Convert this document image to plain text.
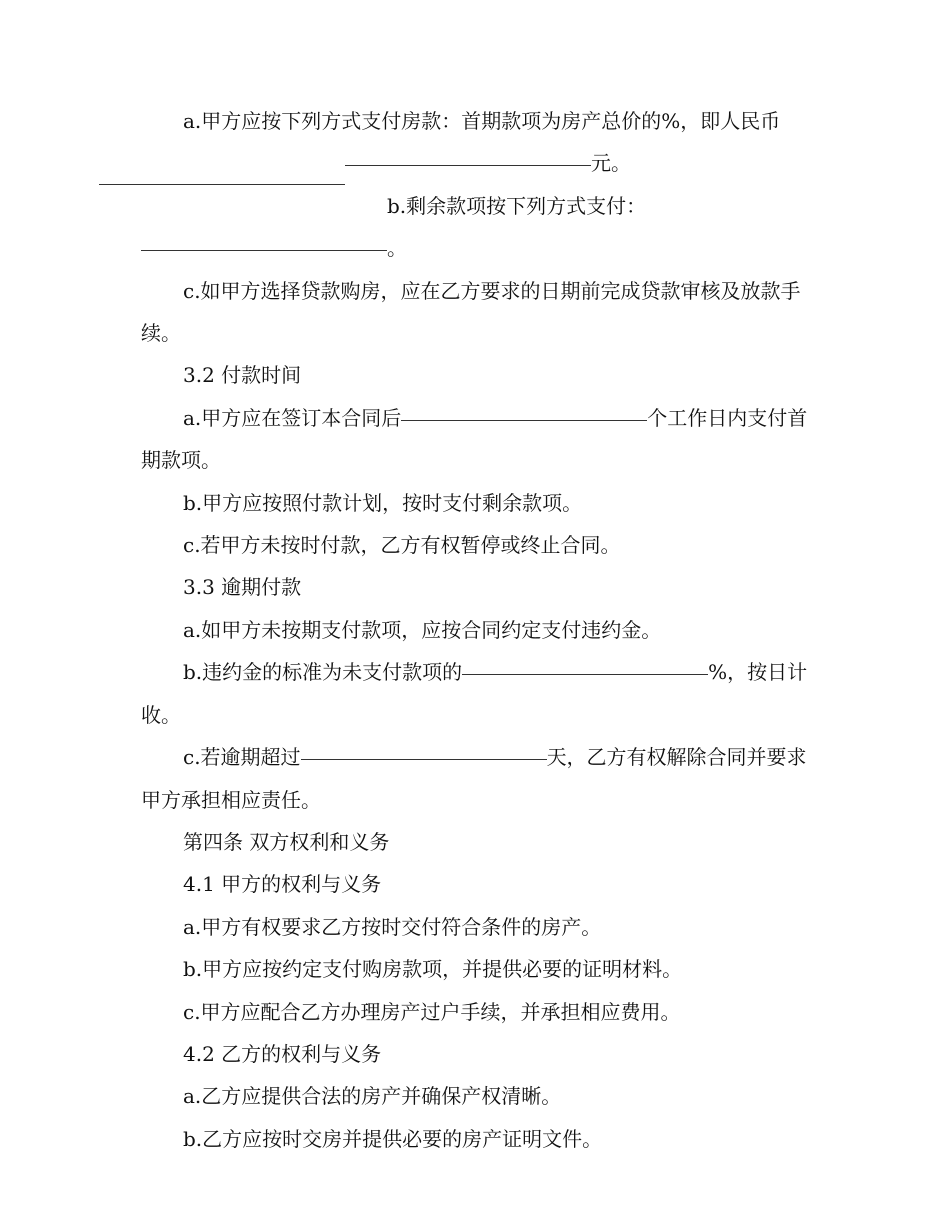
a.甲方应按下列方式支付房款：首期款项为房产总价的
%，即人民币元。

b.剩余款项按下列方式支付：。

c.如甲方选择贷款购房，应在乙方要求的日期前完成贷款审核及放款手续。

3.2 付款时间

a.甲方应在签订本合同后	个工作日内支付首期款项。

b.甲方应按照付款计划，按时支付剩余款项。

c.若甲方未按时付款，乙方有权暂停或终止合同。

3.3 逾期付款

a.如甲方未按期支付款项，应按合同约定支付违约金。

b.违约金的标准为未支付款项的	%，按日计收。

c.若逾期超过	天，乙方有权解除合同并要求甲方承担相应责任。

第四条 双方权利和义务

4.1 甲方的权利与义务

a.甲方有权要求乙方按时交付符合条件的房产。

b.甲方应按约定支付购房款项，并提供必要的证明材料。

c.甲方应配合乙方办理房产过户手续，并承担相应费用。

4.2 乙方的权利与义务

a.乙方应提供合法的房产并确保产权清晰。

b.乙方应按时交房并提供必要的房产证明文件。
